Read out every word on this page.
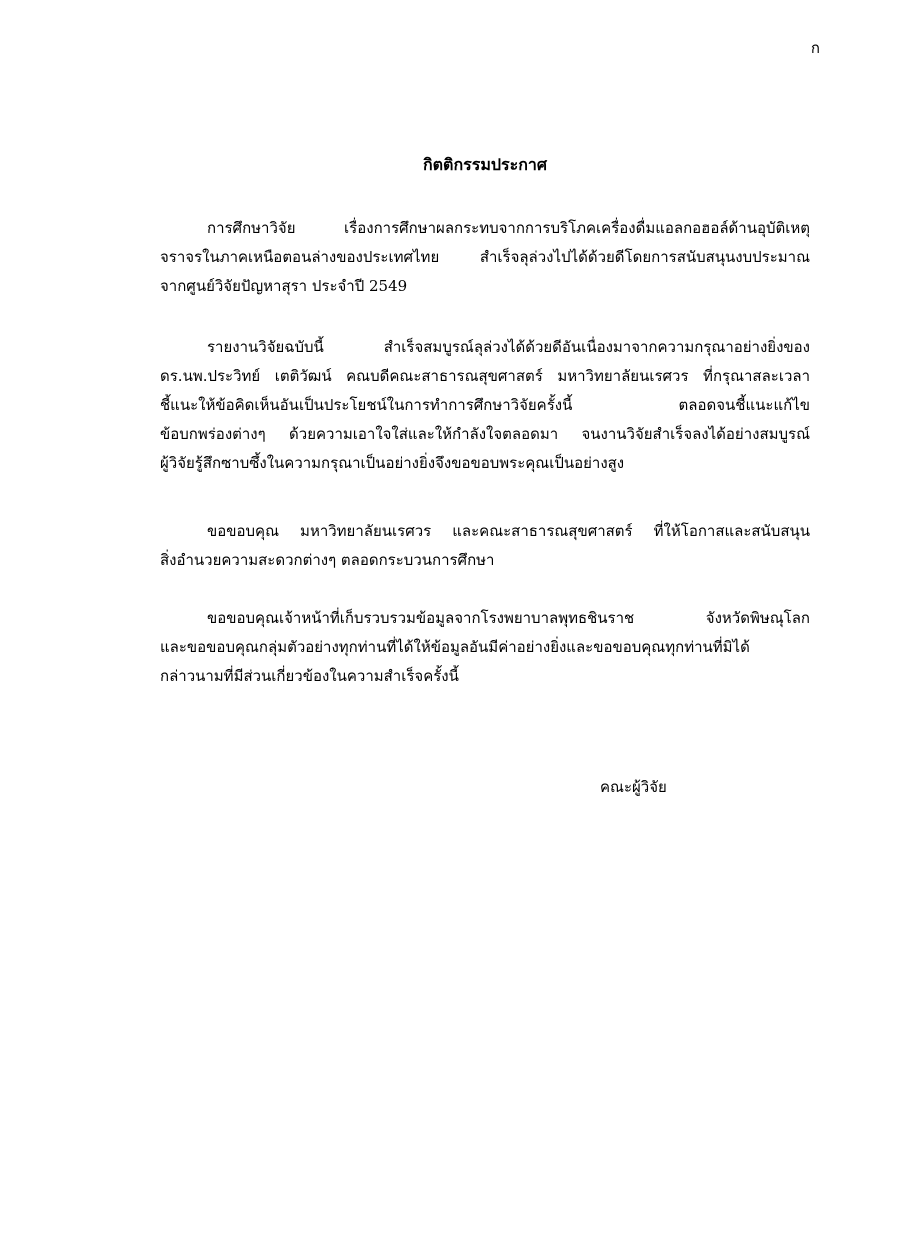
ก
กิตติกรรมประกาศ
การศึกษาวิจัย เรื่องการศึกษาผลกระทบจากการบริโภคเครื่องดื่มแอลกอฮอล์ด้านอุบัติเหตุ
จราจรในภาคเหนือตอนล่างของประเทศไทย สำเร็จลุล่วงไปได้ด้วยดีโดยการสนับสนุนงบประมาณ
จากศูนย์วิจัยปัญหาสุรา ประจำปี 2549
รายงานวิจัยฉบับนี้ สำเร็จสมบูรณ์ลุล่วงได้ด้วยดีอันเนื่องมาจากความกรุณาอย่างยิ่งของ
ดร.นพ.ประวิทย์ เตติวัฒน์ คณบดีคณะสาธารณสุขศาสตร์ มหาวิทยาลัยนเรศวร ที่กรุณาสละเวลา
ชี้แนะให้ข้อคิดเห็นอันเป็นประโยชน์ในการทำการศึกษาวิจัยครั้งนี้ ตลอดจนชี้แนะแก้ไข
ข้อบกพร่องต่างๆ ด้วยความเอาใจใส่และให้กำลังใจตลอดมา จนงานวิจัยสำเร็จลงได้อย่างสมบูรณ์
ผู้วิจัยรู้สึกซาบซึ้งในความกรุณาเป็นอย่างยิ่งจึงขอขอบพระคุณเป็นอย่างสูง
ขอขอบคุณ มหาวิทยาลัยนเรศวร และคณะสาธารณสุขศาสตร์ ที่ให้โอกาสและสนับสนุน
สิ่งอำนวยความสะดวกต่างๆ ตลอดกระบวนการศึกษา
ขอขอบคุณเจ้าหน้าที่เก็บรวบรวมข้อมูลจากโรงพยาบาลพุทธชินราช จังหวัดพิษณุโลก
และขอขอบคุณกลุ่มตัวอย่างทุกท่านที่ได้ให้ข้อมูลอันมีค่าอย่างยิ่งและขอขอบคุณทุกท่านที่มิได้
กล่าวนามที่มีส่วนเกี่ยวข้องในความสำเร็จครั้งนี้
คณะผู้วิจัย
